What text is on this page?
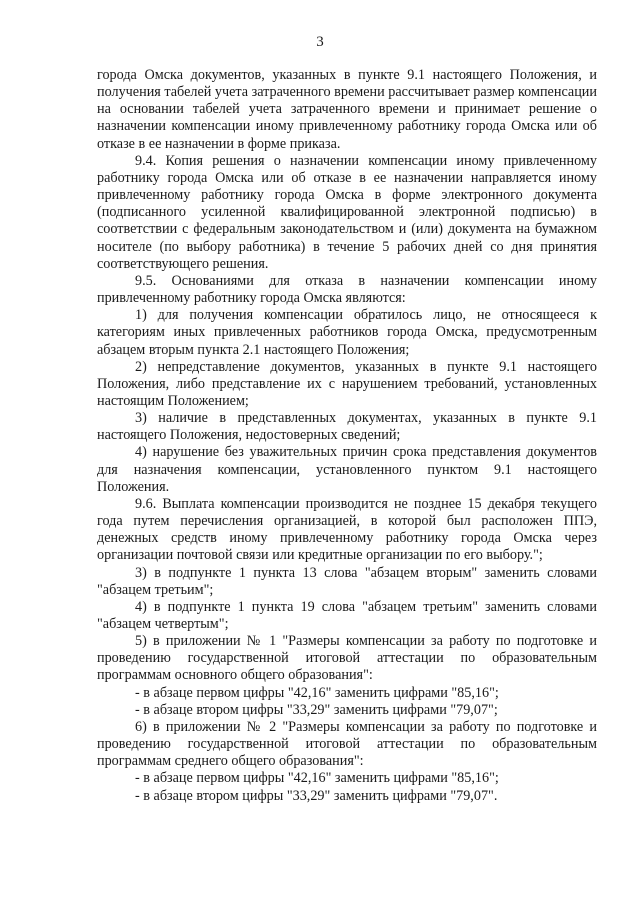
3

города Омска документов, указанных в пункте 9.1 настоящего Положения, и получения табелей учета затраченного времени рассчитывает размер компенсации на основании табелей учета затраченного времени и принимает решение о назначении компенсации иному привлеченному работнику города Омска или об отказе в ее назначении в форме приказа.

9.4. Копия решения о назначении компенсации иному привлеченному работнику города Омска или об отказе в ее назначении направляется иному привлеченному работнику города Омска в форме электронного документа (подписанного усиленной квалифицированной электронной подписью) в соответствии с федеральным законодательством и (или) документа на бумажном носителе (по выбору работника) в течение 5 рабочих дней со дня принятия соответствующего решения.

9.5. Основаниями для отказа в назначении компенсации иному привлеченному работнику города Омска являются:

1) для получения компенсации обратилось лицо, не относящееся к категориям иных привлеченных работников города Омска, предусмотренным абзацем вторым пункта 2.1 настоящего Положения;

2) непредставление документов, указанных в пункте 9.1 настоящего Положения, либо представление их с нарушением требований, установленных настоящим Положением;

3) наличие в представленных документах, указанных в пункте 9.1 настоящего Положения, недостоверных сведений;

4) нарушение без уважительных причин срока представления документов для назначения компенсации, установленного пунктом 9.1 настоящего Положения.

9.6. Выплата компенсации производится не позднее 15 декабря текущего года путем перечисления организацией, в которой был расположен ППЭ, денежных средств иному привлеченному работнику города Омска через организации почтовой связи или кредитные организации по его выбору.";

3) в подпункте 1 пункта 13 слова "абзацем вторым" заменить словами "абзацем третьим";

4) в подпункте 1 пункта 19 слова "абзацем третьим" заменить словами "абзацем четвертым";

5) в приложении № 1 "Размеры компенсации за работу по подготовке и проведению государственной итоговой аттестации по образовательным программам основного общего образования":

- в абзаце первом цифры "42,16" заменить цифрами "85,16";

- в абзаце втором цифры "33,29" заменить цифрами "79,07";

6) в приложении № 2 "Размеры компенсации за работу по подготовке и проведению государственной итоговой аттестации по образовательным программам среднего общего образования":

- в абзаце первом цифры "42,16" заменить цифрами "85,16";

- в абзаце втором цифры "33,29" заменить цифрами "79,07".
